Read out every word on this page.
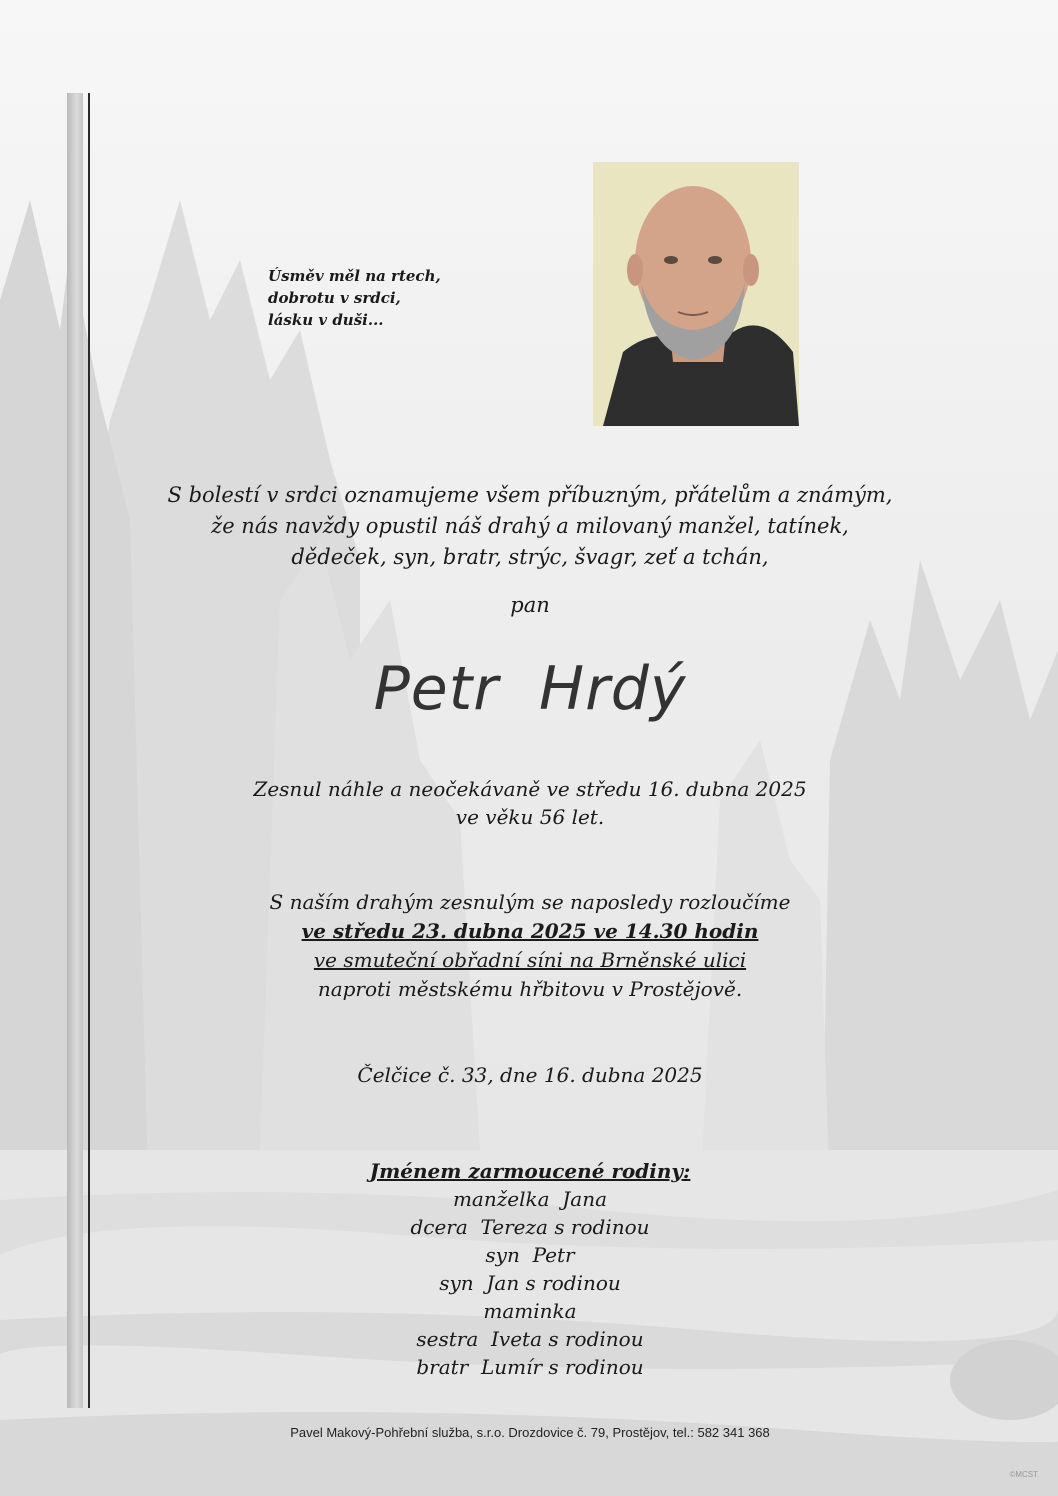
Úsměv měl na rtech,
dobrotu v srdci,
lásku v duši...
S bolestí v srdci oznamujeme všem příbuzným, přátelům a známým,
že nás navždy opustil náš drahý a milovaný manžel, tatínek,
dědeček, syn, bratr, strýc, švagr, zeť a tchán,
pan
Petr Hrdý
Zesnul náhle a neočekávaně ve středu 16. dubna 2025
ve věku 56 let.
S naším drahým zesnulým se naposledy rozloučíme
ve středu 23. dubna 2025 ve 14.30 hodin
ve smuteční obřadní síni na Brněnské ulici
naproti městskému hřbitovu v Prostějově.
Čelčice č. 33, dne 16. dubna 2025
Jménem zarmoucené rodiny:
manželka  Jana
dcera  Tereza s rodinou
syn  Petr
syn  Jan s rodinou
maminka
sestra  Iveta s rodinou
bratr  Lumír s rodinou
Pavel Makový-Pohřební služba, s.r.o. Drozdovice č. 79, Prostějov, tel.: 582 341 368
©MCST
